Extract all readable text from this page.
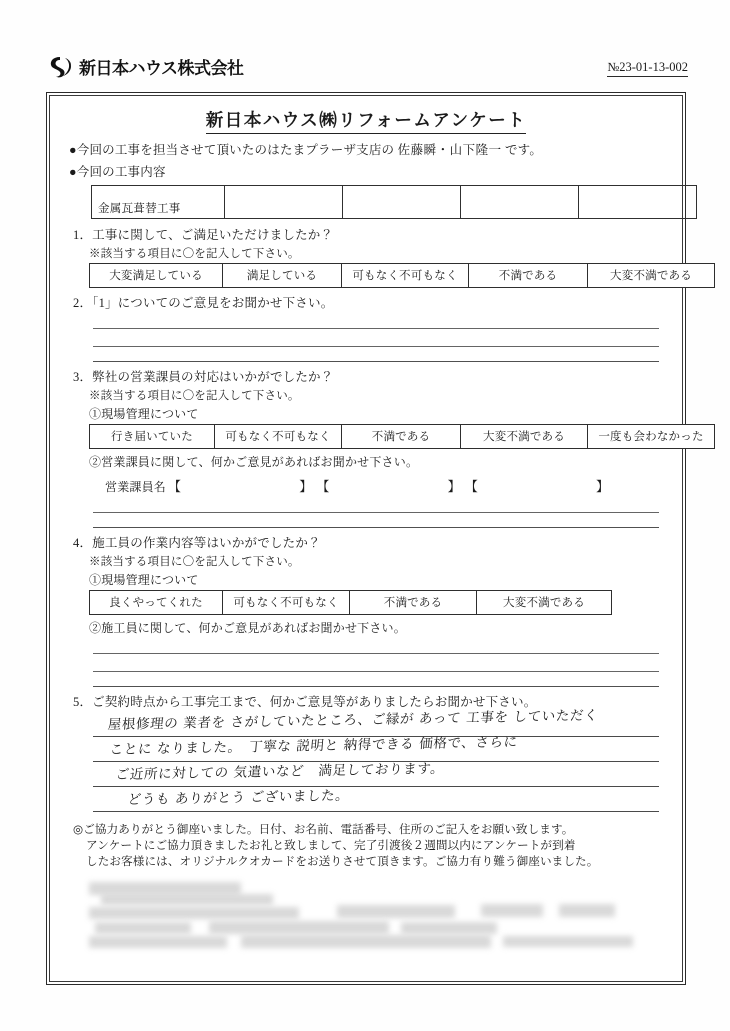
新日本ハウス株式会社	№23-01-13-002
新日本ハウス㈱リフォームアンケート
●今回の工事を担当させて頂いたのはたまプラーザ支店の 佐藤瞬・山下隆一 です。
●今回の工事内容
金属瓦葺替工事				
1．工事に関して、ご満足いただけましたか？
※該当する項目に〇を記入して下さい。
大変満足している	満足している	可もなく不可もなく	不満である	大変不満である
2．「1」についてのご意見をお聞かせ下さい。
3．弊社の営業課員の対応はいかがでしたか？
※該当する項目に〇を記入して下さい。
①現場管理について
行き届いていた	可もなく不可もなく	不満である	大変不満である	一度も会わなかった
②営業課員に関して、何かご意見があればお聞かせ下さい。
営業課員名 【	】 【	】 【	】
4．施工員の作業内容等はいかがでしたか？
※該当する項目に〇を記入して下さい。
①現場管理について
良くやってくれた	可もなく不可もなく	不満である	大変不満である
②施工員に関して、何かご意見があればお聞かせ下さい。
5．ご契約時点から工事完工まで、何かご意見等がありましたらお聞かせ下さい。
屋根修理の 業者を さがしていたところ、ご縁が あって 工事を していただく
ことに なりました。　丁寧な 説明と 納得できる 価格で、さらに
ご近所に対しての 気遣いなど　満足しております。
どうも ありがとう ございました。
◎ご協力ありがとう御座いました。日付、お名前、電話番号、住所のご記入をお願い致します。
アンケートにご協力頂きましたお礼と致しまして、完了引渡後２週間以内にアンケートが到着
したお客様には、オリジナルクオカードをお送りさせて頂きます。ご協力有り難う御座いました。
